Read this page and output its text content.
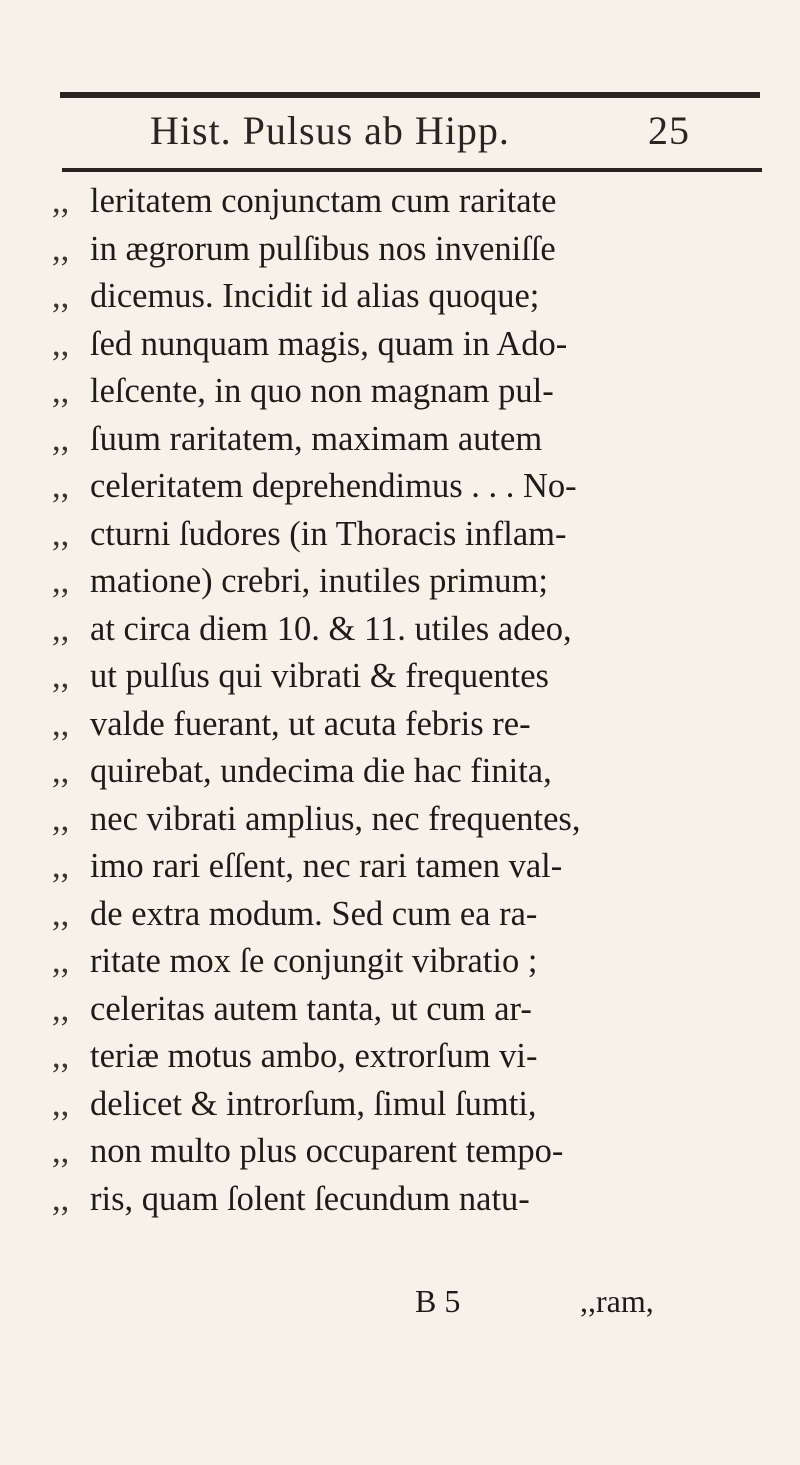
Hist. Pulsus ab Hipp.	25
,, leritatem conjunctam cum raritate
,, in ægrorum pulſibus nos inveniſſe
,, dicemus. Incidit id alias quoque;
,, ſed nunquam magis, quam in Ado-
,, leſcente, in quo non magnam pul-
,, ſuum raritatem, maximam autem
,, celeritatem deprehendimus . . . No-
,, cturni ſudores (in Thoracis inflam-
,, matione) crebri, inutiles primum;
,, at circa diem 10. & 11. utiles adeo,
,, ut pulſus qui vibrati & frequentes
,, valde fuerant, ut acuta febris re-
,, quirebat, undecima die hac finita,
,, nec vibrati amplius, nec frequentes,
,, imo rari eſſent, nec rari tamen val-
,, de extra modum. Sed cum ea ra-
,, ritate mox ſe conjungit vibratio ;
,, celeritas autem tanta, ut cum ar-
,, teriæ motus ambo, extrorſum vi-
,, delicet & introrſum, ſimul ſumti,
,, non multo plus occuparent tempo-
,, ris, quam ſolent ſecundum natu-
B 5	,,ram,
